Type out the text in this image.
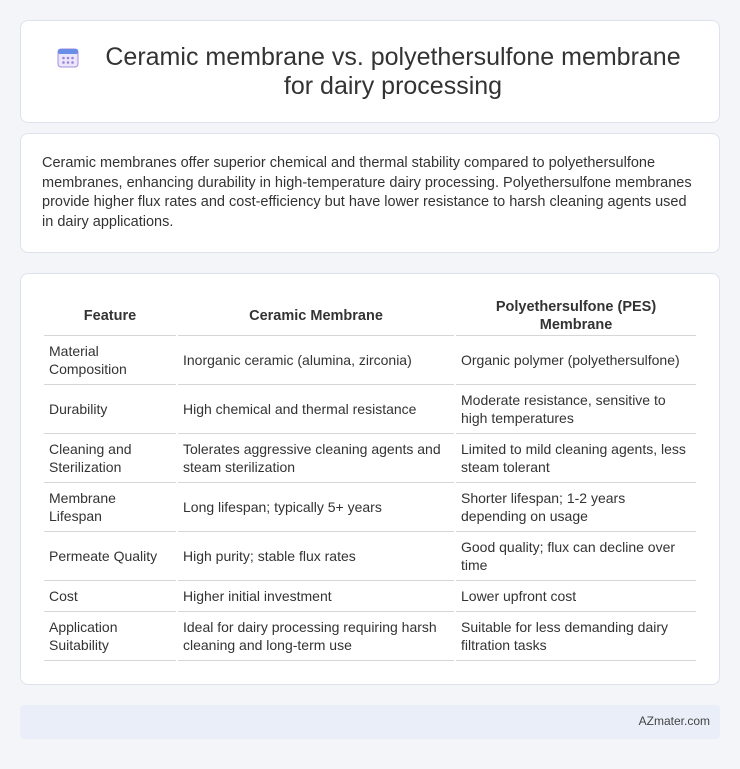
Ceramic membrane vs. polyethersulfone membrane for dairy processing

Ceramic membranes offer superior chemical and thermal stability compared to polyethersulfone membranes, enhancing durability in high-temperature dairy processing. Polyethersulfone membranes provide higher flux rates and cost-efficiency but have lower resistance to harsh cleaning agents used in dairy applications.

Feature	Ceramic Membrane	Polyethersulfone (PES) Membrane
Material Composition	Inorganic ceramic (alumina, zirconia)	Organic polymer (polyethersulfone)
Durability	High chemical and thermal resistance	Moderate resistance, sensitive to high temperatures
Cleaning and Sterilization	Tolerates aggressive cleaning agents and steam sterilization	Limited to mild cleaning agents, less steam tolerant
Membrane Lifespan	Long lifespan; typically 5+ years	Shorter lifespan; 1-2 years depending on usage
Permeate Quality	High purity; stable flux rates	Good quality; flux can decline over time
Cost	Higher initial investment	Lower upfront cost
Application Suitability	Ideal for dairy processing requiring harsh cleaning and long-term use	Suitable for less demanding dairy filtration tasks
AZmater.com
